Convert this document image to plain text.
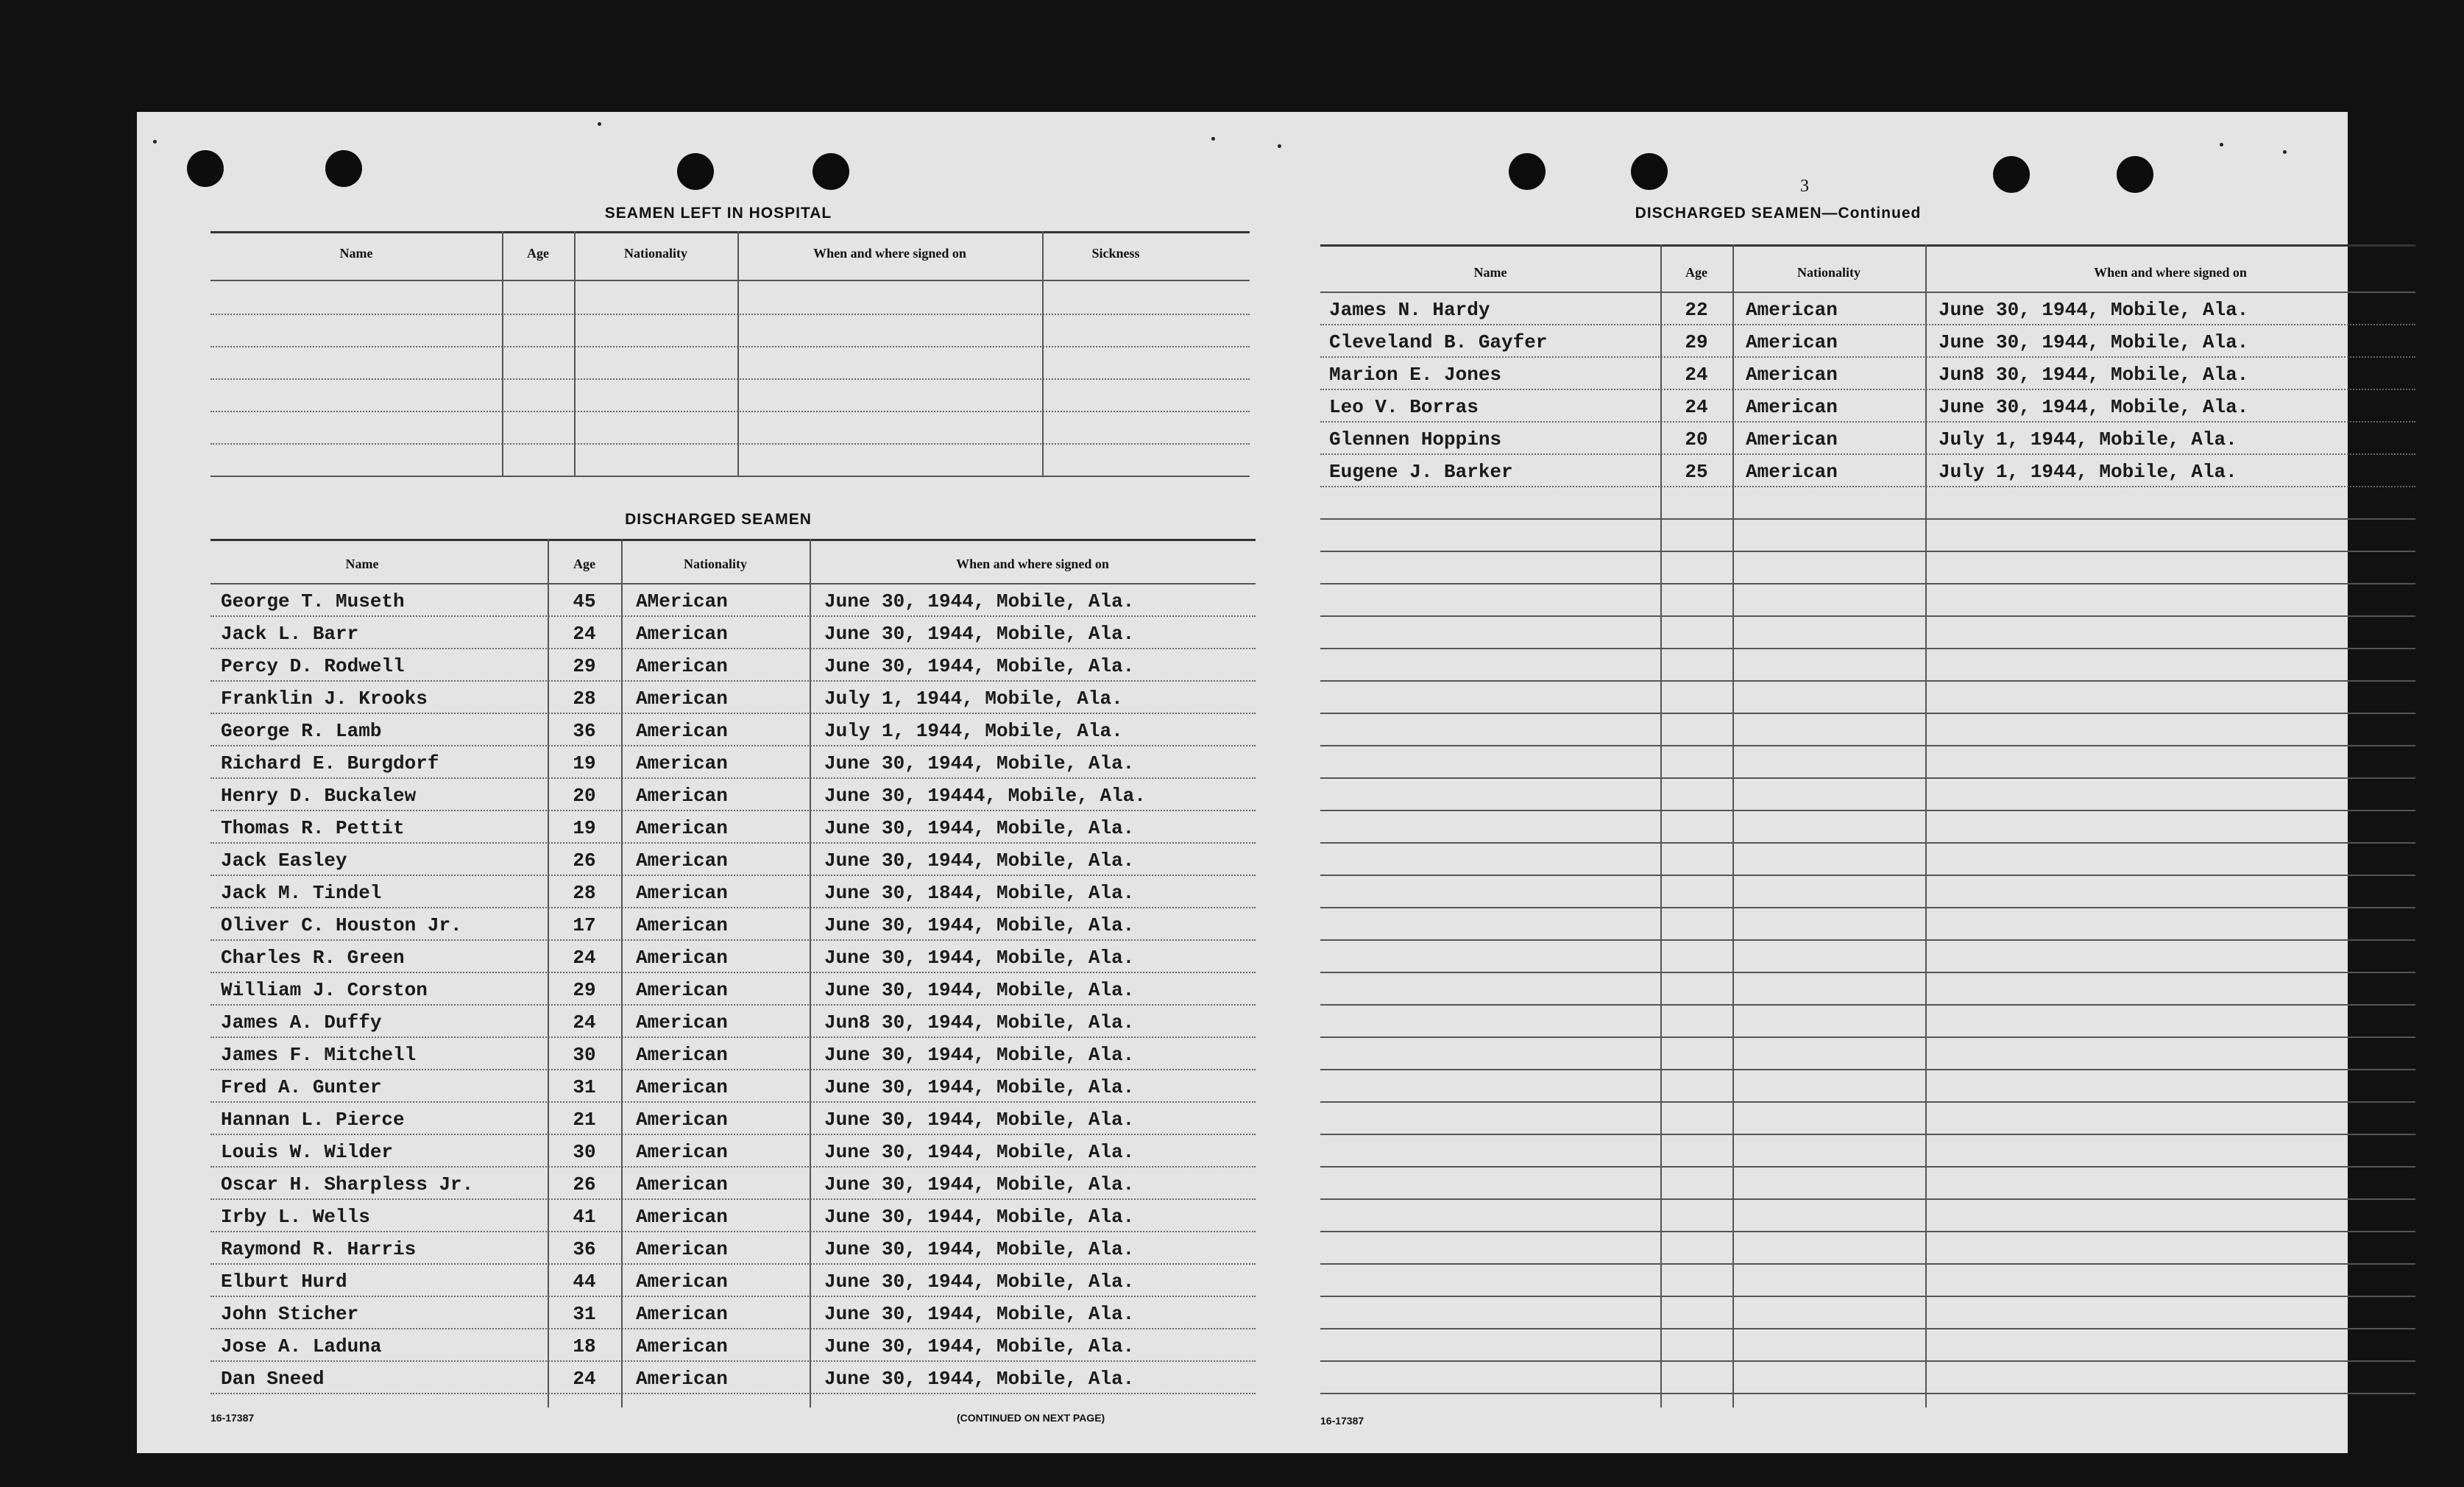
SEAMEN LEFT IN HOSPITAL
Name	Age	Nationality	When and where signed on	Sickness
DISCHARGED SEAMEN
Name	Age	Nationality	When and where signed on
George T. Museth	45	AMerican	June 30, 1944, Mobile, Ala.
Jack L. Barr	24	American	June 30, 1944, Mobile, Ala.
Percy D. Rodwell	29	American	June 30, 1944, Mobile, Ala.
Franklin J. Krooks	28	American	July 1, 1944, Mobile, Ala.
George R. Lamb	36	American	July 1, 1944, Mobile, Ala.
Richard E. Burgdorf	19	American	June 30, 1944, Mobile, Ala.
Henry D. Buckalew	20	American	June 30, 19444, Mobile, Ala.
Thomas R. Pettit	19	American	June 30, 1944, Mobile, Ala.
Jack Easley	26	American	June 30, 1944, Mobile, Ala.
Jack M. Tindel	28	American	June 30, 1844, Mobile, Ala.
Oliver C. Houston Jr.	17	American	June 30, 1944, Mobile, Ala.
Charles R. Green	24	American	June 30, 1944, Mobile, Ala.
William J. Corston	29	American	June 30, 1944, Mobile, Ala.
James A. Duffy	24	American	Jun8 30, 1944, Mobile, Ala.
James F. Mitchell	30	American	June 30, 1944, Mobile, Ala.
Fred A. Gunter	31	American	June 30, 1944, Mobile, Ala.
Hannan L. Pierce	21	American	June 30, 1944, Mobile, Ala.
Louis W. Wilder	30	American	June 30, 1944, Mobile, Ala.
Oscar H. Sharpless Jr.	26	American	June 30, 1944, Mobile, Ala.
Irby L. Wells	41	American	June 30, 1944, Mobile, Ala.
Raymond R. Harris	36	American	June 30, 1944, Mobile, Ala.
Elburt Hurd	44	American	June 30, 1944, Mobile, Ala.
John Sticher	31	American	June 30, 1944, Mobile, Ala.
Jose A. Laduna	18	American	June 30, 1944, Mobile, Ala.
Dan Sneed	24	American	June 30, 1944, Mobile, Ala.
16-17387	(CONTINUED ON NEXT PAGE)
3
DISCHARGED SEAMEN—Continued
Name	Age	Nationality	When and where signed on
James N. Hardy	22	American	June 30, 1944, Mobile, Ala.
Cleveland B. Gayfer	29	American	June 30, 1944, Mobile, Ala.
Marion E. Jones	24	American	Jun8 30, 1944, Mobile, Ala.
Leo V. Borras	24	American	June 30, 1944, Mobile, Ala.
Glennen Hoppins	20	American	July 1, 1944, Mobile, Ala.
Eugene J. Barker	25	American	July 1, 1944, Mobile, Ala.
16-17387
